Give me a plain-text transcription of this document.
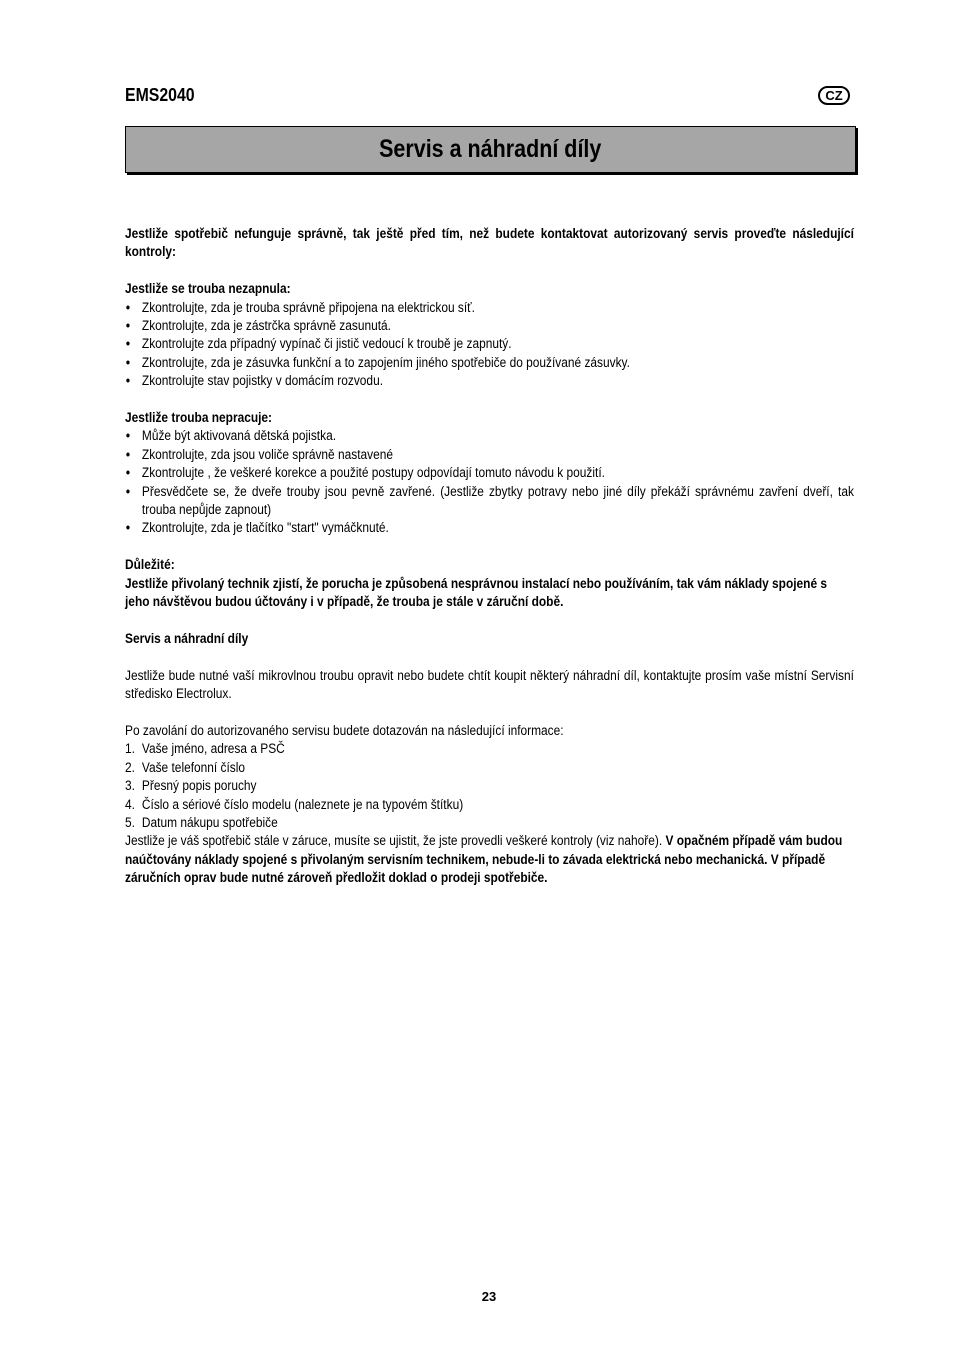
EMS2040	CZ
Servis a náhradní díly

Jestliže spotřebič nefunguje správně, tak ještě před tím, než budete kontaktovat autorizovaný servis proveďte následující kontroly:

Jestliže se trouba nezapnula:

• Zkontrolujte, zda je trouba správně připojena na elektrickou síť.
• Zkontrolujte, zda je zástrčka správně zasunutá.
• Zkontrolujte zda případný vypínač či jistič vedoucí k troubě je zapnutý.
• Zkontrolujte, zda je zásuvka funkční a to zapojením jiného spotřebiče do používané zásuvky.
• Zkontrolujte stav pojistky v domácím rozvodu.

Jestliže trouba nepracuje:

• Může být aktivovaná dětská pojistka.
• Zkontrolujte, zda jsou voliče správně nastavené
• Zkontrolujte , že veškeré korekce a použité postupy odpovídají tomuto návodu k použití.
• Přesvědčete se, že dveře trouby jsou pevně zavřené. (Jestliže zbytky potravy nebo jiné díly překáží správnému zavření dveří, tak trouba nepůjde zapnout)
• Zkontrolujte, zda je tlačítko "start" vymáčknuté.

Důležité:

Jestliže přivolaný technik zjistí, že porucha je způsobená nesprávnou instalací nebo používáním, tak vám náklady spojené s jeho návštěvou budou účtovány i v případě, že trouba je stále v záruční době.

Servis a náhradní díly

Jestliže bude nutné vaší mikrovlnou troubu opravit nebo budete chtít koupit některý náhradní díl, kontaktujte prosím vaše místní Servisní středisko Electrolux.

Po zavolání do autorizovaného servisu budete dotazován na následující informace:

1. Vaše jméno, adresa a PSČ
2. Vaše telefonní číslo
3. Přesný popis poruchy
4. Číslo a sériové číslo modelu (naleznete je na typovém štítku)
5. Datum nákupu spotřebiče

Jestliže je váš spotřebič stále v záruce, musíte se ujistit, že jste provedli veškeré kontroly (viz nahoře). V opačném případě vám budou naúčtovány náklady spojené s přivolaným servisním technikem, nebude-li to závada elektrická nebo mechanická. V případě záručních oprav bude nutné zároveň předložit doklad o prodeji spotřebiče.

23
